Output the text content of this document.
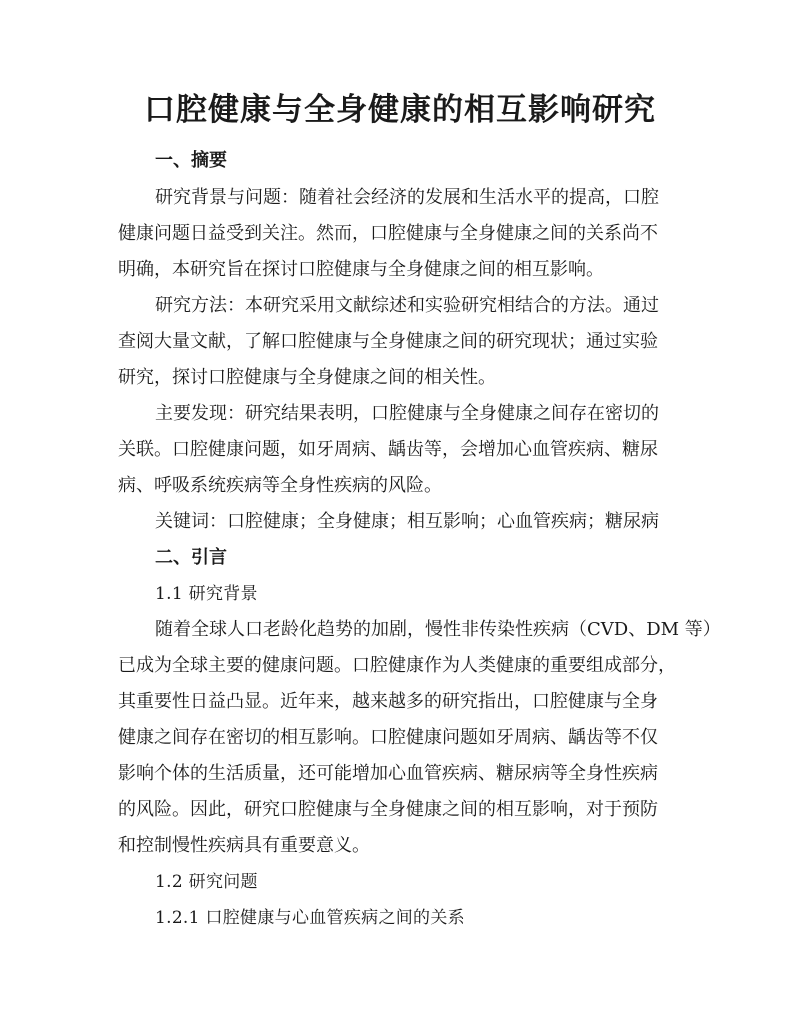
口腔健康与全身健康的相互影响研究
一、摘要
研究背景与问题：随着社会经济的发展和生活水平的提高，口腔
健康问题日益受到关注。然而，口腔健康与全身健康之间的关系尚不
明确，本研究旨在探讨口腔健康与全身健康之间的相互影响。
研究方法：本研究采用文献综述和实验研究相结合的方法。通过
查阅大量文献，了解口腔健康与全身健康之间的研究现状；通过实验
研究，探讨口腔健康与全身健康之间的相关性。
主要发现：研究结果表明，口腔健康与全身健康之间存在密切的
关联。口腔健康问题，如牙周病、龋齿等，会增加心血管疾病、糖尿
病、呼吸系统疾病等全身性疾病的风险。
关键词：口腔健康；全身健康；相互影响；心血管疾病；糖尿病
二、引言
1.1 研究背景
随着全球人口老龄化趋势的加剧，慢性非传染性疾病（CVD、DM 等）
已成为全球主要的健康问题。口腔健康作为人类健康的重要组成部分，
其重要性日益凸显。近年来，越来越多的研究指出，口腔健康与全身
健康之间存在密切的相互影响。口腔健康问题如牙周病、龋齿等不仅
影响个体的生活质量，还可能增加心血管疾病、糖尿病等全身性疾病
的风险。因此，研究口腔健康与全身健康之间的相互影响，对于预防
和控制慢性疾病具有重要意义。
1.2 研究问题
1.2.1 口腔健康与心血管疾病之间的关系
